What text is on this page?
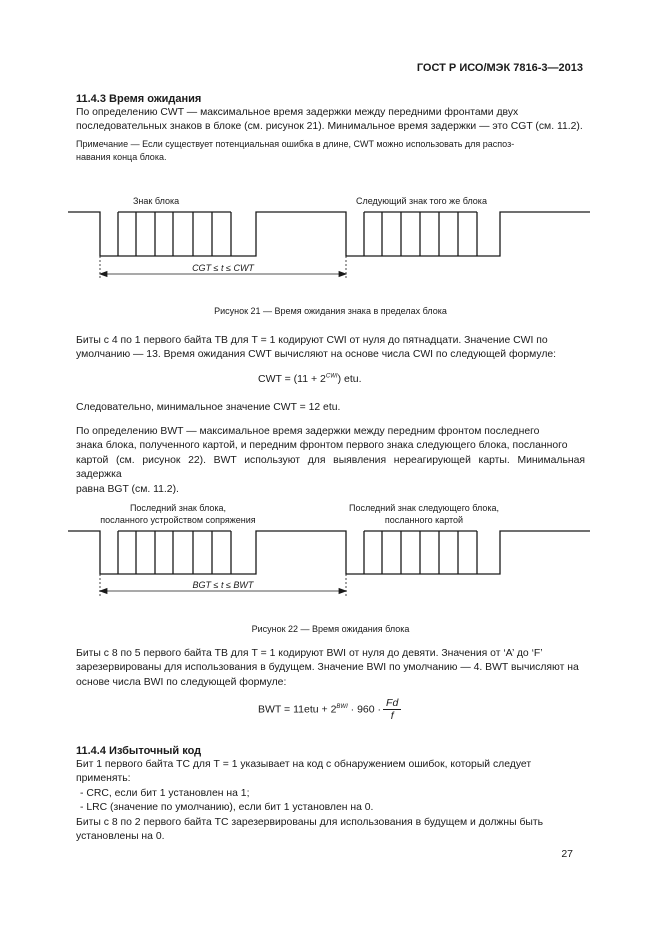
ГОСТ Р ИСО/МЭК 7816-3—2013
11.4.3 Время ожидания
По определению CWT — максимальное время задержки между передними фронтами двух
последовательных знаков в блоке (см. рисунок 21). Минимальное время задержки — это CGT (см. 11.2).
Примечание — Если существует потенциальная ошибка в длине, CWT можно использовать для распоз-
навания конца блока.
Знак блока	Следующий знак того же блока
CGT ≤ t ≤ CWT
Рисунок 21 — Время ожидания знака в пределах блока
Биты с 4 по 1 первого байта ТВ для Т = 1 кодируют CWI от нуля до пятнадцати. Значение CWI по
умолчанию — 13. Время ожидания CWT вычисляют на основе числа CWI по следующей формуле:
CWT = $(11 + 2^{CWI})$ etu.
Следовательно, минимальное значение CWT = 12 etu.
По определению BWT — максимальное время задержки между передним фронтом последнего
знака блока, полученного картой, и передним фронтом первого знака следующего блока, посланного
картой (см. рисунок 22). BWT используют для выявления нереагирующей карты. Минимальная задержка
равна BGT (см. 11.2).
Последний знак блока,
посланного устройством сопряжения
Последний знак следующего блока,
посланного картой
BGT ≤ t ≤ BWT
Рисунок 22 — Время ожидания блока
Биты с 8 по 5 первого байта ТВ для Т = 1 кодируют BWI от нуля до девяти. Значения от ‘А’ до ‘F’
зарезервированы для использования в будущем. Значение BWI по умолчанию — 4. BWT вычисляют на
основе числа BWI по следующей формуле:
BWT = $11etu + 2^{BWI} \cdot 960 \cdot \frac{Fd}{f}$
11.4.4 Избыточный код
Бит 1 первого байта ТС для Т = 1 указывает на код с обнаружением ошибок, который следует
применять:
- CRC, если бит 1 установлен на 1;
- LRC (значение по умолчанию), если бит 1 установлен на 0.
Биты с 8 по 2 первого байта ТС зарезервированы для использования в будущем и должны быть
установлены на 0.
27
